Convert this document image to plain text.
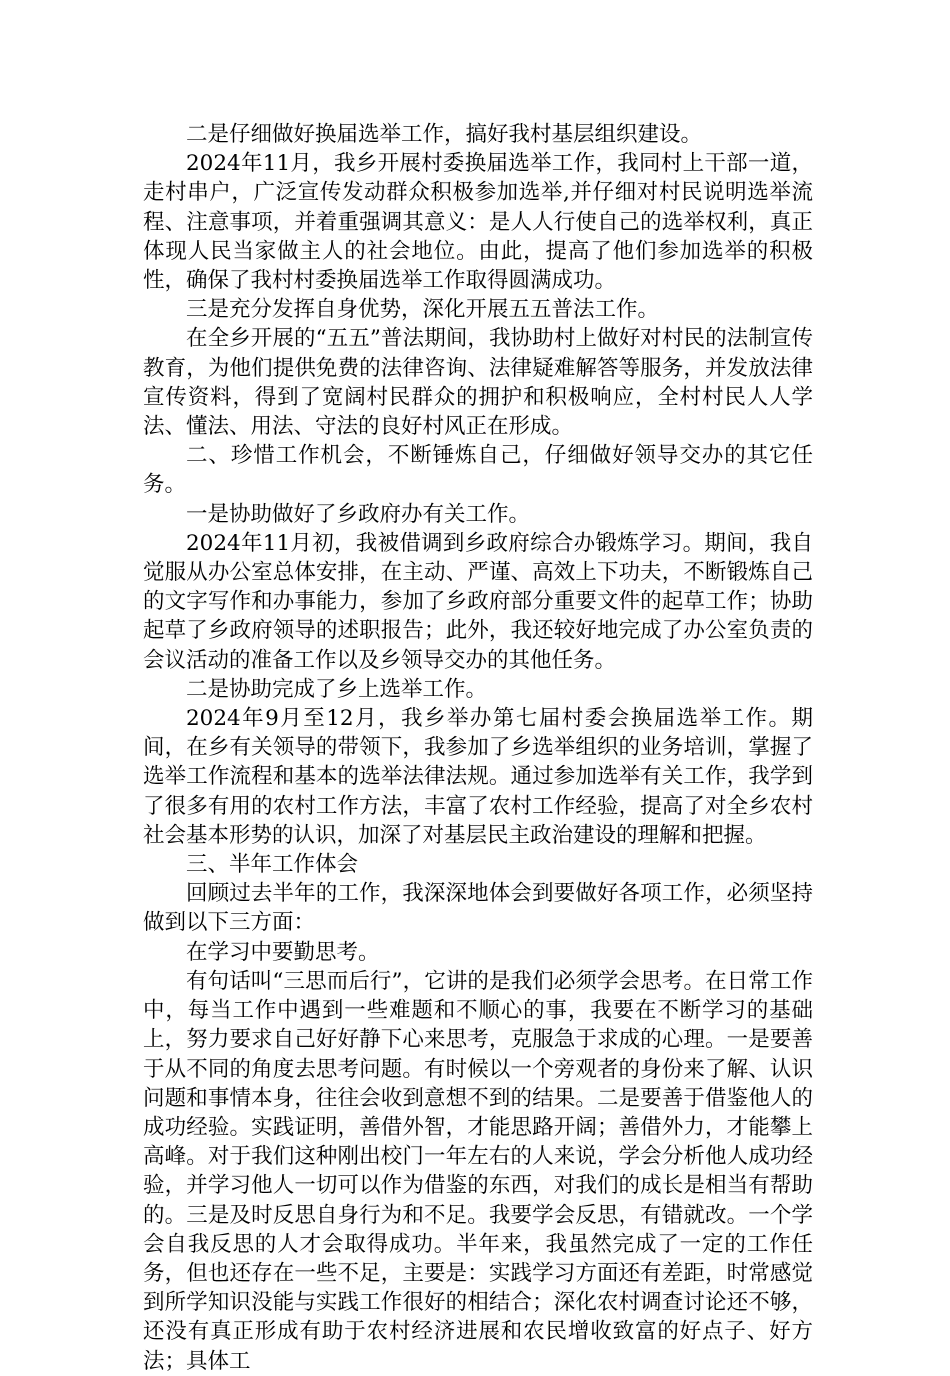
二是仔细做好换届选举工作，搞好我村基层组织建设。

2024年11月，我乡开展村委换届选举工作，我同村上干部一道，走村串户，广泛宣传发动群众积极参加选举,并仔细对村民说明选举流程、注意事项，并着重强调其意义：是人人行使自己的选举权利，真正体现人民当家做主人的社会地位。由此，提高了他们参加选举的积极性，确保了我村村委换届选举工作取得圆满成功。

三是充分发挥自身优势，深化开展五五普法工作。

在全乡开展的“五五”普法期间，我协助村上做好对村民的法制宣传教育，为他们提供免费的法律咨询、法律疑难解答等服务，并发放法律宣传资料，得到了宽阔村民群众的拥护和积极响应，全村村民人人学法、懂法、用法、守法的良好村风正在形成。

二、珍惜工作机会，不断锤炼自己，仔细做好领导交办的其它任务。

一是协助做好了乡政府办有关工作。

2024年11月初，我被借调到乡政府综合办锻炼学习。期间，我自觉服从办公室总体安排，在主动、严谨、高效上下功夫，不断锻炼自己的文字写作和办事能力，参加了乡政府部分重要文件的起草工作；协助起草了乡政府领导的述职报告；此外，我还较好地完成了办公室负责的会议活动的准备工作以及乡领导交办的其他任务。

二是协助完成了乡上选举工作。

2024年9月至12月，我乡举办第七届村委会换届选举工作。期间，在乡有关领导的带领下，我参加了乡选举组织的业务培训，掌握了选举工作流程和基本的选举法律法规。通过参加选举有关工作，我学到了很多有用的农村工作方法，丰富了农村工作经验，提高了对全乡农村社会基本形势的认识，加深了对基层民主政治建设的理解和把握。

三、半年工作体会

回顾过去半年的工作，我深深地体会到要做好各项工作，必须坚持做到以下三方面：

在学习中要勤思考。

有句话叫“三思而后行”，它讲的是我们必须学会思考。在日常工作中，每当工作中遇到一些难题和不顺心的事，我要在不断学习的基础上，努力要求自己好好静下心来思考，克服急于求成的心理。一是要善于从不同的角度去思考问题。有时候以一个旁观者的身份来了解、认识问题和事情本身，往往会收到意想不到的结果。二是要善于借鉴他人的成功经验。实践证明，善借外智，才能思路开阔；善借外力，才能攀上高峰。对于我们这种刚出校门一年左右的人来说，学会分析他人成功经验，并学习他人一切可以作为借鉴的东西，对我们的成长是相当有帮助的。三是及时反思自身行为和不足。我要学会反思，有错就改。一个学会自我反思的人才会取得成功。半年来，我虽然完成了一定的工作任务，但也还存在一些不足，主要是：实践学习方面还有差距，时常感觉到所学知识没能与实践工作很好的相结合；深化农村调查讨论还不够，还没有真正形成有助于农村经济进展和农民增收致富的好点子、好方法；具体工
